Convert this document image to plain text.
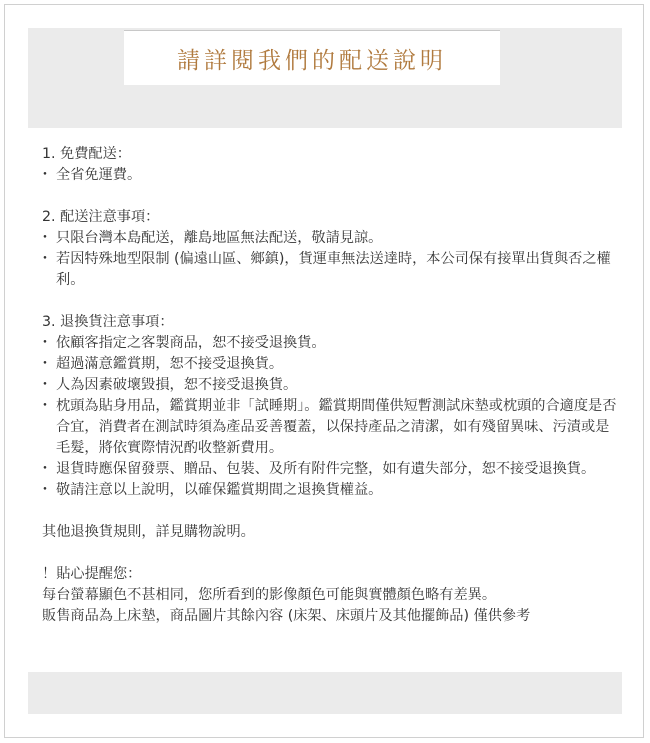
請詳閱我們的配送說明
1. 免費配送：
・ 全省免運費。
2. 配送注意事項：
・ 只限台灣本島配送，離島地區無法配送，敬請見諒。
・ 若因特殊地型限制 (偏遠山區、鄉鎮)，貨運車無法送達時，本公司保有接單出貨與否之權利。
3. 退換貨注意事項：
・ 依顧客指定之客製商品，恕不接受退換貨。
・ 超過滿意鑑賞期，恕不接受退換貨。
・ 人為因素破壞毀損，恕不接受退換貨。
・ 枕頭為貼身用品，鑑賞期並非「試睡期」。鑑賞期間僅供短暫測試床墊或枕頭的合適度是否合宜，消費者在測試時須為產品妥善覆蓋，以保持產品之清潔，如有殘留異味、污漬或是毛髮，將依實際情況酌收整新費用。
・ 退貨時應保留發票、贈品、包裝、及所有附件完整，如有遺失部分，恕不接受退換貨。
・ 敬請注意以上說明，以確保鑑賞期間之退換貨權益。
其他退換貨規則，詳見購物說明。
！貼心提醒您：
每台螢幕顯色不甚相同，您所看到的影像顏色可能與實體顏色略有差異。
販售商品為上床墊，商品圖片其餘內容 (床架、床頭片及其他擺飾品) 僅供參考
